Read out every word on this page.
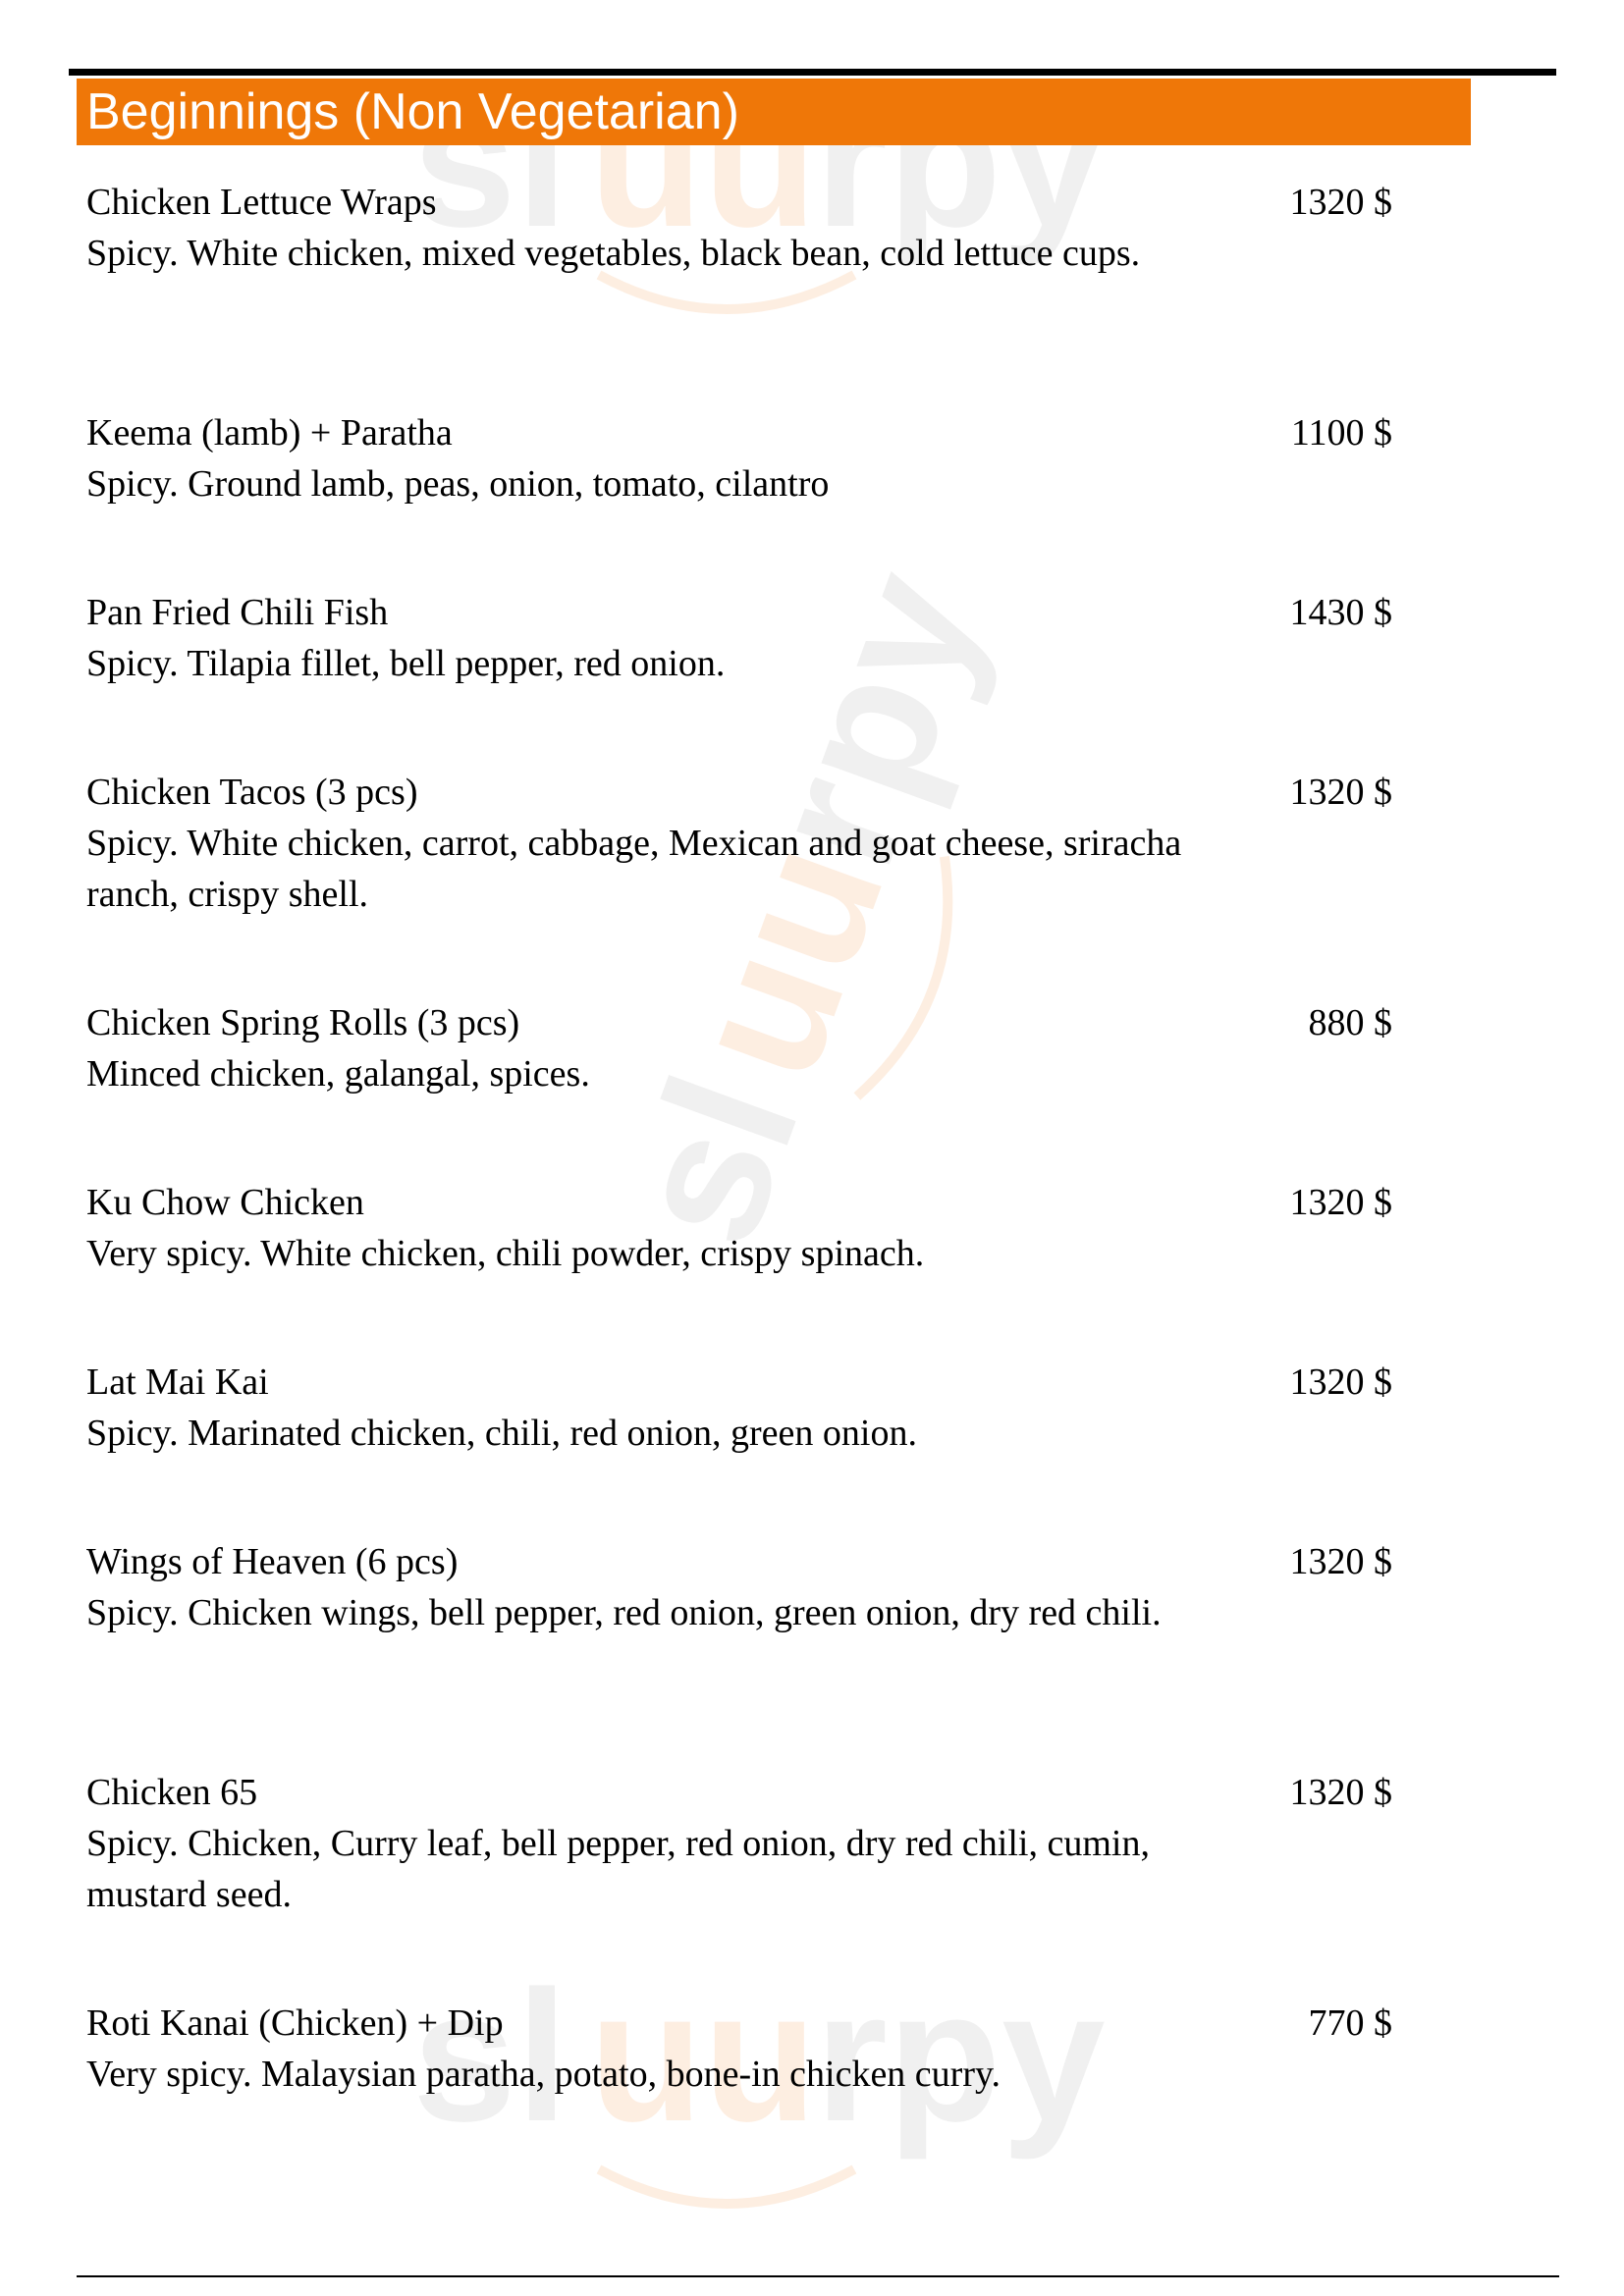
sl uu
rpy
sl
uu
rpy
sl uu
rpy
Beginnings (Non Vegetarian)
Chicken Lettuce Wraps	1320 $
Spicy. White chicken, mixed vegetables, black bean, cold lettuce cups.
Keema (lamb) + Paratha	1100 $
Spicy. Ground lamb, peas, onion, tomato, cilantro
Pan Fried Chili Fish	1430 $
Spicy. Tilapia fillet, bell pepper, red onion.
Chicken Tacos (3 pcs)	1320 $
Spicy. White chicken, carrot, cabbage, Mexican and goat cheese, sriracha ranch, crispy shell.
Chicken Spring Rolls (3 pcs)	880 $
Minced chicken, galangal, spices.
Ku Chow Chicken	1320 $
Very spicy. White chicken, chili powder, crispy spinach.
Lat Mai Kai	1320 $
Spicy. Marinated chicken, chili, red onion, green onion.
Wings of Heaven (6 pcs)	1320 $
Spicy. Chicken wings, bell pepper, red onion, green onion, dry red chili.
Chicken 65	1320 $
Spicy. Chicken, Curry leaf, bell pepper, red onion, dry red chili, cumin, mustard seed.
Roti Kanai (Chicken) + Dip	770 $
Very spicy. Malaysian paratha, potato, bone-in chicken curry.
